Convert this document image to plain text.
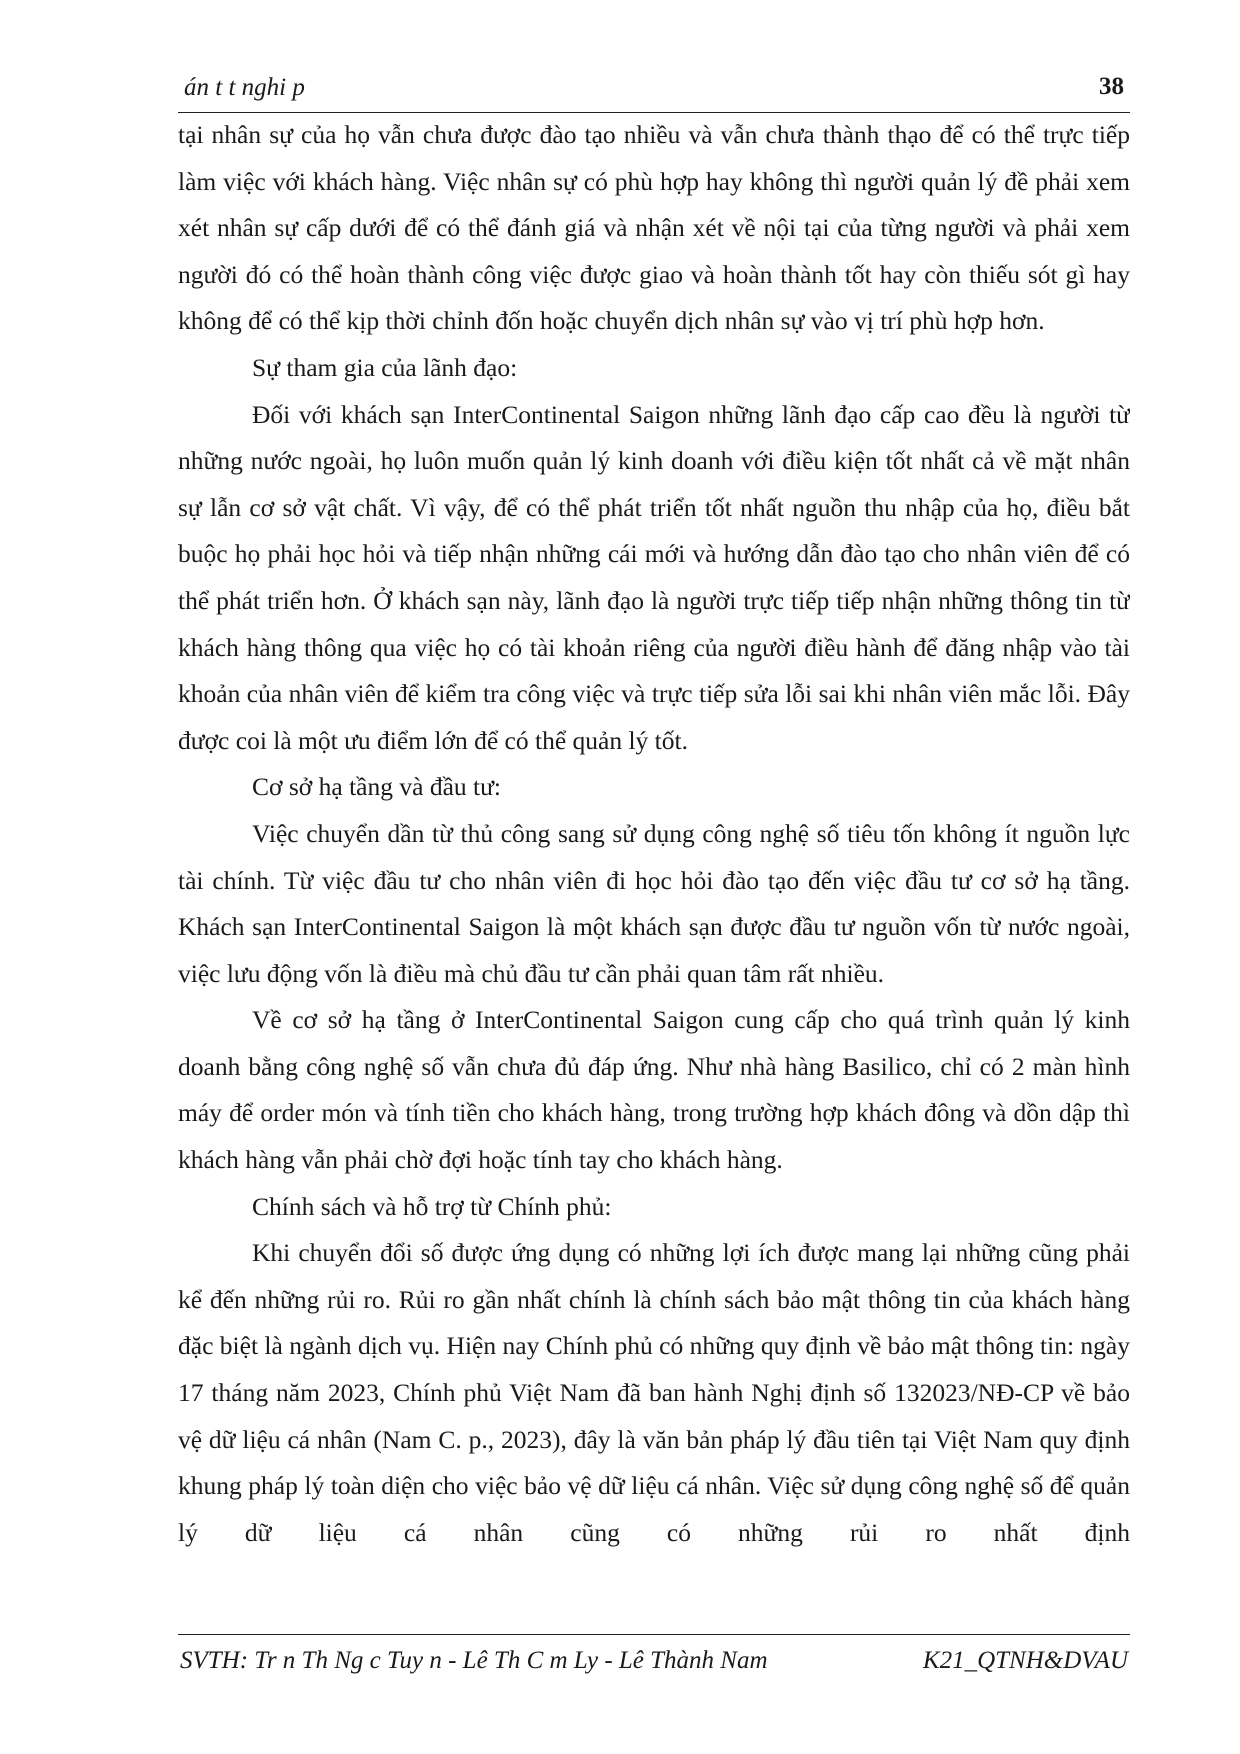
án t t nghi p	38

tại nhân sự của họ vẫn chưa được đào tạo nhiều và vẫn chưa thành thạo để có thể trực tiếp làm việc với khách hàng. Việc nhân sự có phù hợp hay không thì người quản lý đề phải xem xét nhân sự cấp dưới để có thể đánh giá và nhận xét về nội tại của từng người và phải xem người đó có thể hoàn thành công việc được giao và hoàn thành tốt hay còn thiếu sót gì hay không để có thể kịp thời chỉnh đốn hoặc chuyển dịch nhân sự vào vị trí phù hợp hơn.

Sự tham gia của lãnh đạo:

Đối với khách sạn InterContinental Saigon những lãnh đạo cấp cao đều là người từ những nước ngoài, họ luôn muốn quản lý kinh doanh với điều kiện tốt nhất cả về mặt nhân sự lẫn cơ sở vật chất. Vì vậy, để có thể phát triển tốt nhất nguồn thu nhập của họ, điều bắt buộc họ phải học hỏi và tiếp nhận những cái mới và hướng dẫn đào tạo cho nhân viên để có thể phát triển hơn. Ở khách sạn này, lãnh đạo là người trực tiếp tiếp nhận những thông tin từ khách hàng thông qua việc họ có tài khoản riêng của người điều hành để đăng nhập vào tài khoản của nhân viên để kiểm tra công việc và trực tiếp sửa lỗi sai khi nhân viên mắc lỗi. Đây được coi là một ưu điểm lớn để có thể quản lý tốt.

Cơ sở hạ tầng và đầu tư:

Việc chuyển dần từ thủ công sang sử dụng công nghệ số tiêu tốn không ít nguồn lực tài chính. Từ việc đầu tư cho nhân viên đi học hỏi đào tạo đến việc đầu tư cơ sở hạ tầng. Khách sạn InterContinental Saigon là một khách sạn được đầu tư nguồn vốn từ nước ngoài, việc lưu động vốn là điều mà chủ đầu tư cần phải quan tâm rất nhiều.

Về cơ sở hạ tầng ở InterContinental Saigon cung cấp cho quá trình quản lý kinh doanh bằng công nghệ số vẫn chưa đủ đáp ứng. Như nhà hàng Basilico, chỉ có 2 màn hình máy để order món và tính tiền cho khách hàng, trong trường hợp khách đông và dồn dập thì khách hàng vẫn phải chờ đợi hoặc tính tay cho khách hàng.

Chính sách và hỗ trợ từ Chính phủ:

Khi chuyển đổi số được ứng dụng có những lợi ích được mang lại những cũng phải kể đến những rủi ro. Rủi ro gần nhất chính là chính sách bảo mật thông tin của khách hàng đặc biệt là ngành dịch vụ. Hiện nay Chính phủ có những quy định về bảo mật thông tin: ngày 17 tháng năm 2023, Chính phủ Việt Nam đã ban hành Nghị định số 132023/NĐ-CP về bảo vệ dữ liệu cá nhân (Nam C. p., 2023), đây là văn bản pháp lý đầu tiên tại Việt Nam quy định khung pháp lý toàn diện cho việc bảo vệ dữ liệu cá nhân. Việc sử dụng công nghệ số để quản lý dữ liệu cá nhân cũng có những rủi ro nhất định

SVTH: Tr n Th Ng c Tuy n - Lê Th C m Ly - Lê Thành Nam	K21_QTNH&DVAU
